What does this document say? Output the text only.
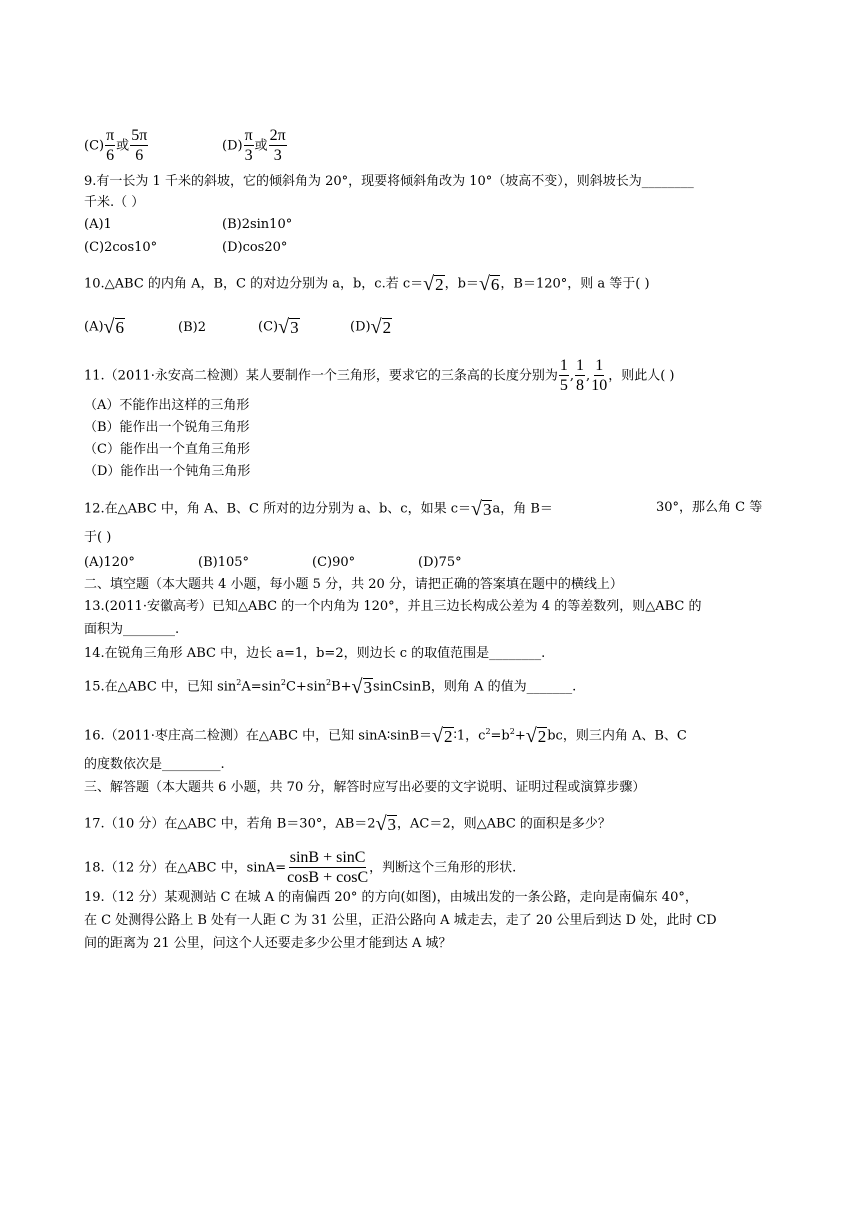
$(C) \frac{\pi}{6}$ 或 $\frac{5\pi}{6}$	$(D) \frac{\pi}{3}$ 或 $\frac{2\pi}{3}$
9.有一长为 1 千米的斜坡，它的倾斜角为 20°，现要将倾斜角改为 10°（坡高不变），则斜坡长为________
千米.（ ）
(A)1	(B)2sin10°
(C)2cos10°	(D)cos20°
10.△ABC 的内角 A，B，C 的对边分别为 a，b，c.若 c＝ √ 2 ，b＝ √ 6 ，B＝120°，则 a 等于( )
(A) √ 6	(B)2	(C) √ 3	(D) √ 2
11.（2011·永安高二检测）某人要制作一个三角形，要求它的三条高的长度分别为 $\frac{1}{5}$ , $\frac{1}{8}$ , $\frac{1}{10}$ ，则此人( )
（A）不能作出这样的三角形
（B）能作出一个锐角三角形
（C）能作出一个直角三角形
（D）能作出一个钝角三角形
12.在△ABC 中，角 A、B、C 所对的边分别为 a、b、c，如果 c＝ √ 3 a，角 B＝	30°，那么角 C 等
于( )
(A)120°	(B)105°	(C)90°	(D)75°
二、填空题（本大题共 4 小题，每小题 5 分，共 20 分，请把正确的答案填在题中的横线上）
13.(2011·安徽高考）已知△ABC 的一个内角为 120°，并且三边长构成公差为 4 的等差数列，则△ABC 的
面积为________.
14.在锐角三角形 ABC 中，边长 a=1，b=2，则边长 c 的取值范围是________.
15.在△ABC 中，已知 $\sin^2A=\sin^2C+\sin^2B+$ √ 3 sinCsinB，则角 A 的值为_______.
16.（2011·枣庄高二检测）在△ABC 中，已知 sinA∶sinB＝ √ 2 ∶1，$c^2=b^2+$ √ 2 bc，则三内角 A、B、C
的度数依次是_________.
三、解答题（本大题共 6 小题，共 70 分，解答时应写出必要的文字说明、证明过程或演算步骤）
17.（10 分）在△ABC 中，若角 B＝30°，AB＝2 √ 3 ，AC＝2，则△ABC 的面积是多少？
18.（12 分）在△ABC 中，$\sin A= \frac{\sin B + \sin C}{\cos B + \cos C}$ ，判断这个三角形的形状.
19.（12 分）某观测站 C 在城 A 的南偏西 20° 的方向(如图)，由城出发的一条公路，走向是南偏东 40°，
在 C 处测得公路上 B 处有一人距 C 为 31 公里，正沿公路向 A 城走去，走了 20 公里后到达 D 处，此时 CD
间的距离为 21 公里，问这个人还要走多少公里才能到达 A 城？
